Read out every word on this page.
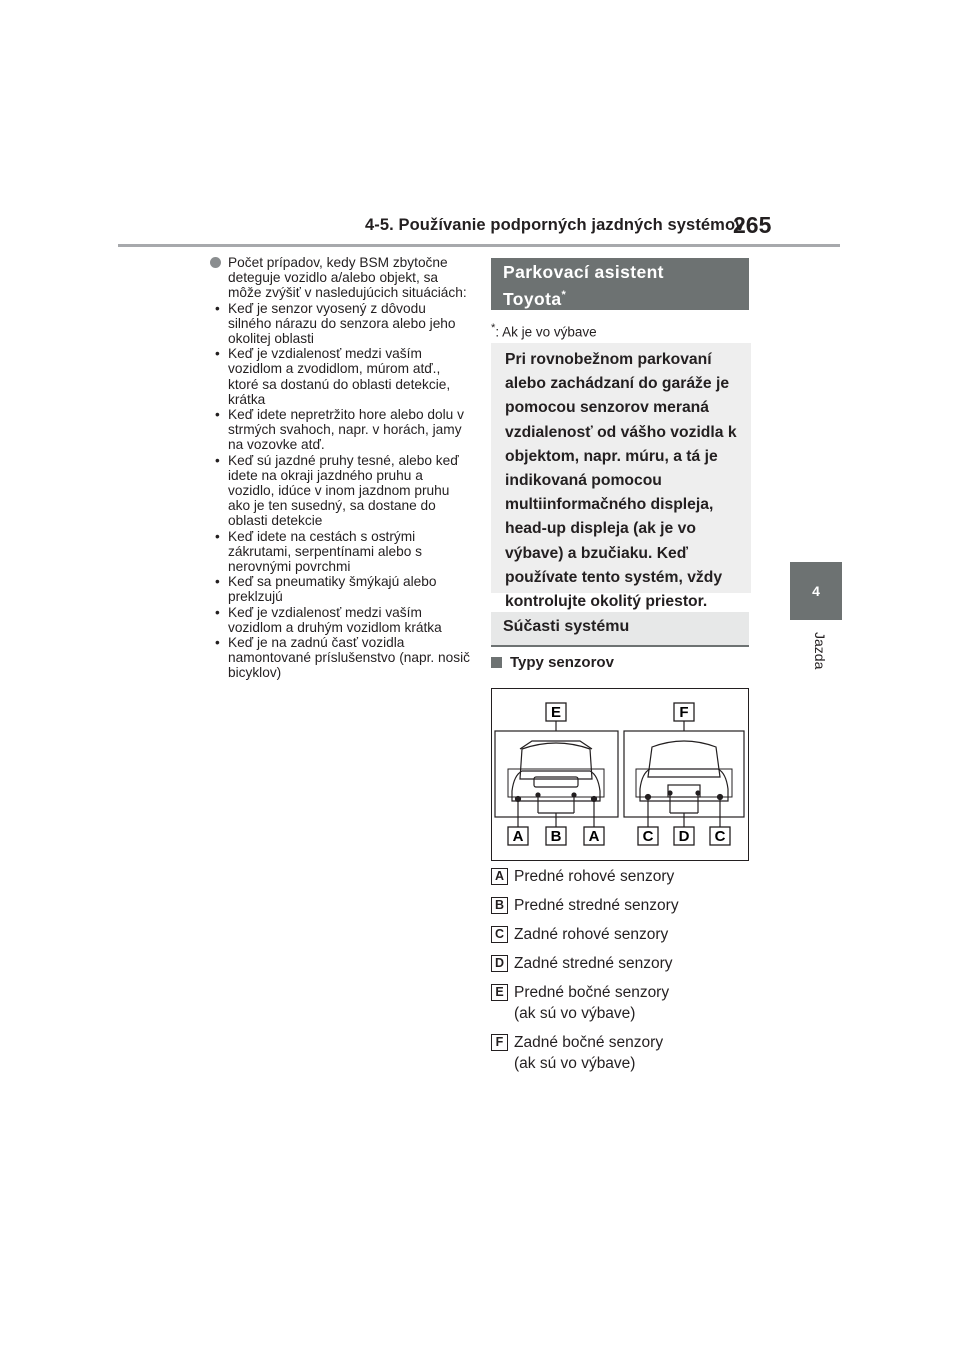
4-5. Používanie podporných jazdných systémov
265
4
Jazda
Počet prípadov, kedy BSM zbytočne deteguje vozidlo a/alebo objekt, sa môže zvýšiť v nasledujúcich situáciách:
• Keď je senzor vyosený z dôvodu silného nárazu do senzora alebo jeho okolitej oblasti
• Keď je vzdialenosť medzi vaším vozidlom a zvodidlom, múrom atď., ktoré sa dostanú do oblasti detekcie, krátka
• Keď idete nepretržito hore alebo dolu v strmých svahoch, napr. v horách, jamy na vozovke atď.
• Keď sú jazdné pruhy tesné, alebo keď idete na okraji jazdného pruhu a vozidlo, idúce v inom jazdnom pruhu ako je ten susedný, sa dostane do oblasti detekcie
• Keď idete na cestách s ostrými zákrutami, serpentínami alebo s nerovnými povrchmi
• Keď sa pneumatiky šmýkajú alebo preklzujú
• Keď je vzdialenosť medzi vaším vozidlom a druhým vozidlom krátka
• Keď je na zadnú časť vozidla namontované príslušenstvo (napr. nosič bicyklov)
Parkovací asistent
Toyota*
*: Ak je vo výbave
Pri rovnobežnom parkovaní alebo zachádzaní do garáže je pomocou senzorov meraná vzdialenosť od vášho vozidla k objektom, napr. múru, a tá je indikovaná pomocou multiinformačného displeja, head-up displeja (ak je vo výbave) a bzučiaku. Keď používate tento systém, vždy kontrolujte okolitý priestor.
Súčasti systému
Typy senzorov
E	F
A B A	C D C
A Predné rohové senzory
B Predné stredné senzory
C Zadné rohové senzory
D Zadné stredné senzory
E Predné bočné senzory
(ak sú vo výbave)
F Zadné bočné senzory
(ak sú vo výbave)
